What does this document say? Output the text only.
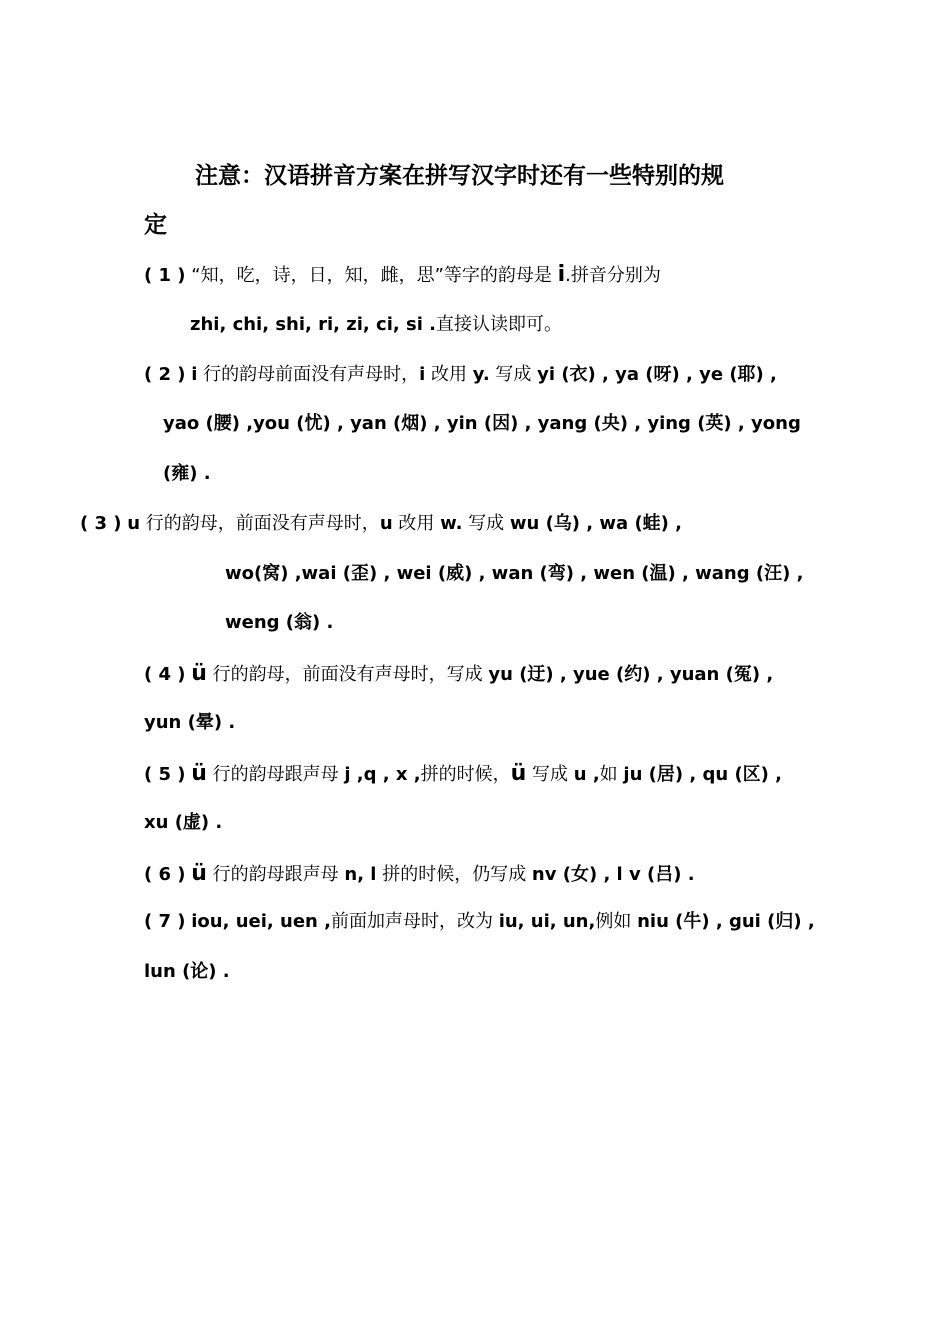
注意：汉语拼音方案在拼写汉字时还有一些特别的规
定
( 1 ) “知，吃，诗，日，知，雌，思”等字的韵母是 i.拼音分别为
zhi, chi, shi, ri, zi, ci, si .直接认读即可。
( 2 ) i 行的韵母前面没有声母时，i 改用 y. 写成 yi (衣) , ya (呀) , ye (耶) ,
yao (腰) ,you (忧) , yan (烟) , yin (因) , yang (央) , ying (英) , yong
(雍) .
( 3 ) u 行的韵母，前面没有声母时，u 改用 w. 写成 wu (乌) , wa (蛙) ,
wo(窝) ,wai (歪) , wei (威) , wan (弯) , wen (温) , wang (汪) ,
weng (翁) .
( 4 ) ü 行的韵母，前面没有声母时，写成 yu (迂) , yue (约) , yuan (冤) ,
yun (晕) .
( 5 ) ü 行的韵母跟声母 j ,q , x ,拼的时候，ü 写成 u ,如 ju (居) , qu (区) ,
xu (虚) .
( 6 ) ü 行的韵母跟声母 n, l 拼的时候，仍写成 nv (女) , l v (吕) .
( 7 ) iou, uei, uen ,前面加声母时，改为 iu, ui, un,例如 niu (牛) , gui (归) ,
lun (论) .
